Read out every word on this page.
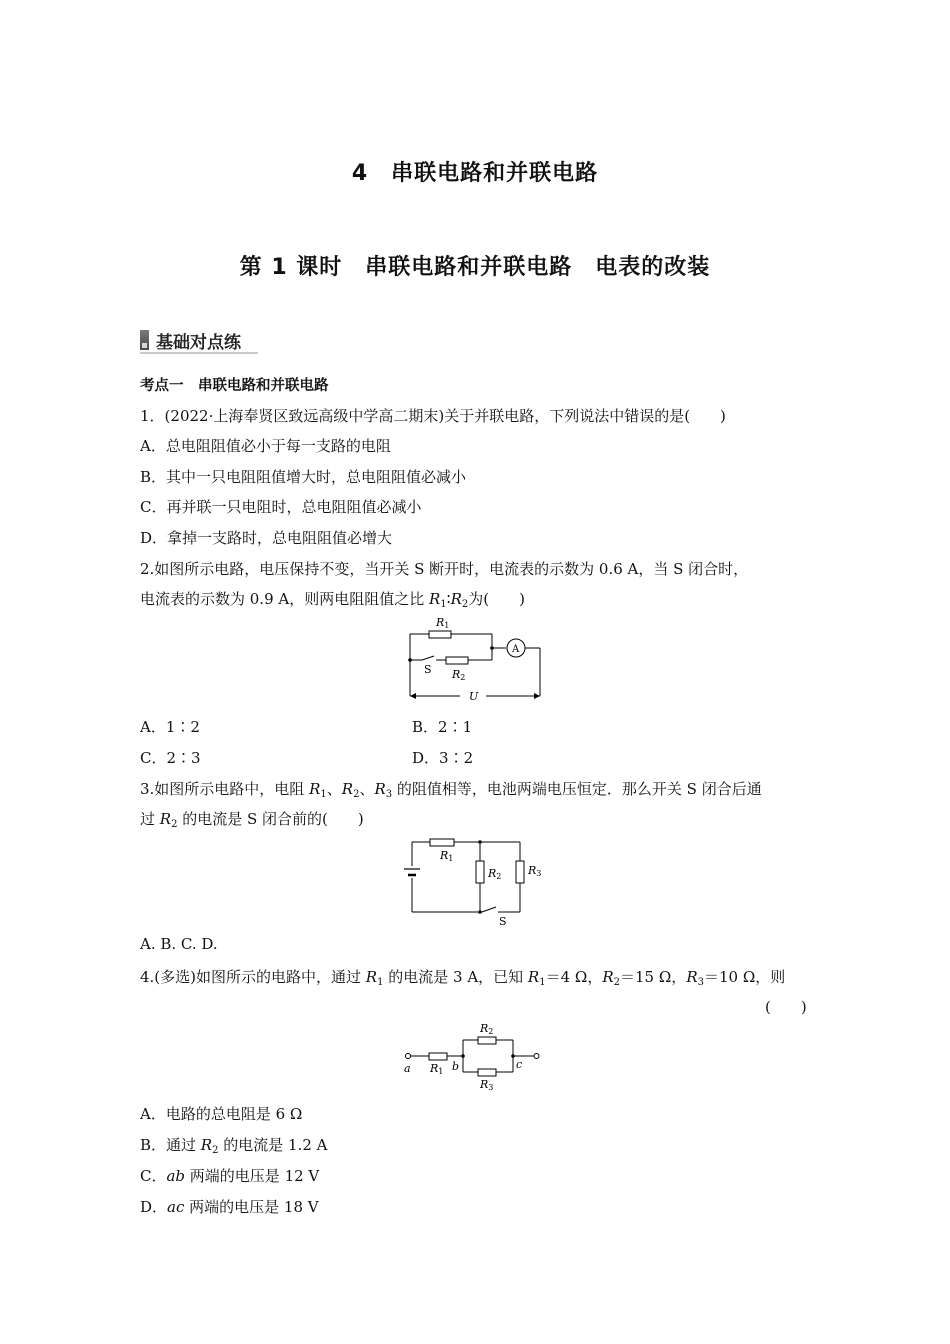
4　串联电路和并联电路
第 1 课时　串联电路和并联电路　电表的改装
基础对点练
考点一　串联电路和并联电路
1．(2022·上海奉贤区致远高级中学高二期末)关于并联电路，下列说法中错误的是(　　)
A．总电阻阻值必小于每一支路的电阻
B．其中一只电阻阻值增大时，总电阻阻值必减小
C．再并联一只电阻时，总电阻阻值必减小
D．拿掉一支路时，总电阻阻值必增大
2.如图所示电路，电压保持不变，当开关 S 断开时，电流表的示数为 0.6 A，当 S 闭合时，
电流表的示数为 0.9 A，则两电阻阻值之比 $R_1∶R_2$为(　　)
R1
R2
S
A
U
A．1∶2	B．2∶1
C．2∶3	D．3∶2
3.如图所示电路中，电阻 $R_1$、$R_2$、$R_3$ 的阻值相等，电池两端电压恒定．那么开关 S 闭合后通
过 $R_2$ 的电流是 S 闭合前的(　　)
R1
R2 R3
S
A. B. C. D.
4.(多选)如图所示的电路中，通过 $R_1$ 的电流是 3 A，已知 $R_1=4$ Ω，$R_2=15$ Ω，$R_3=10$ Ω，则
(　　)
a R1 b
R2
R3
c
A．电路的总电阻是 6 Ω
B．通过 $R_2$ 的电流是 1.2 A
C．ab 两端的电压是 12 V
D．ac 两端的电压是 18 V
